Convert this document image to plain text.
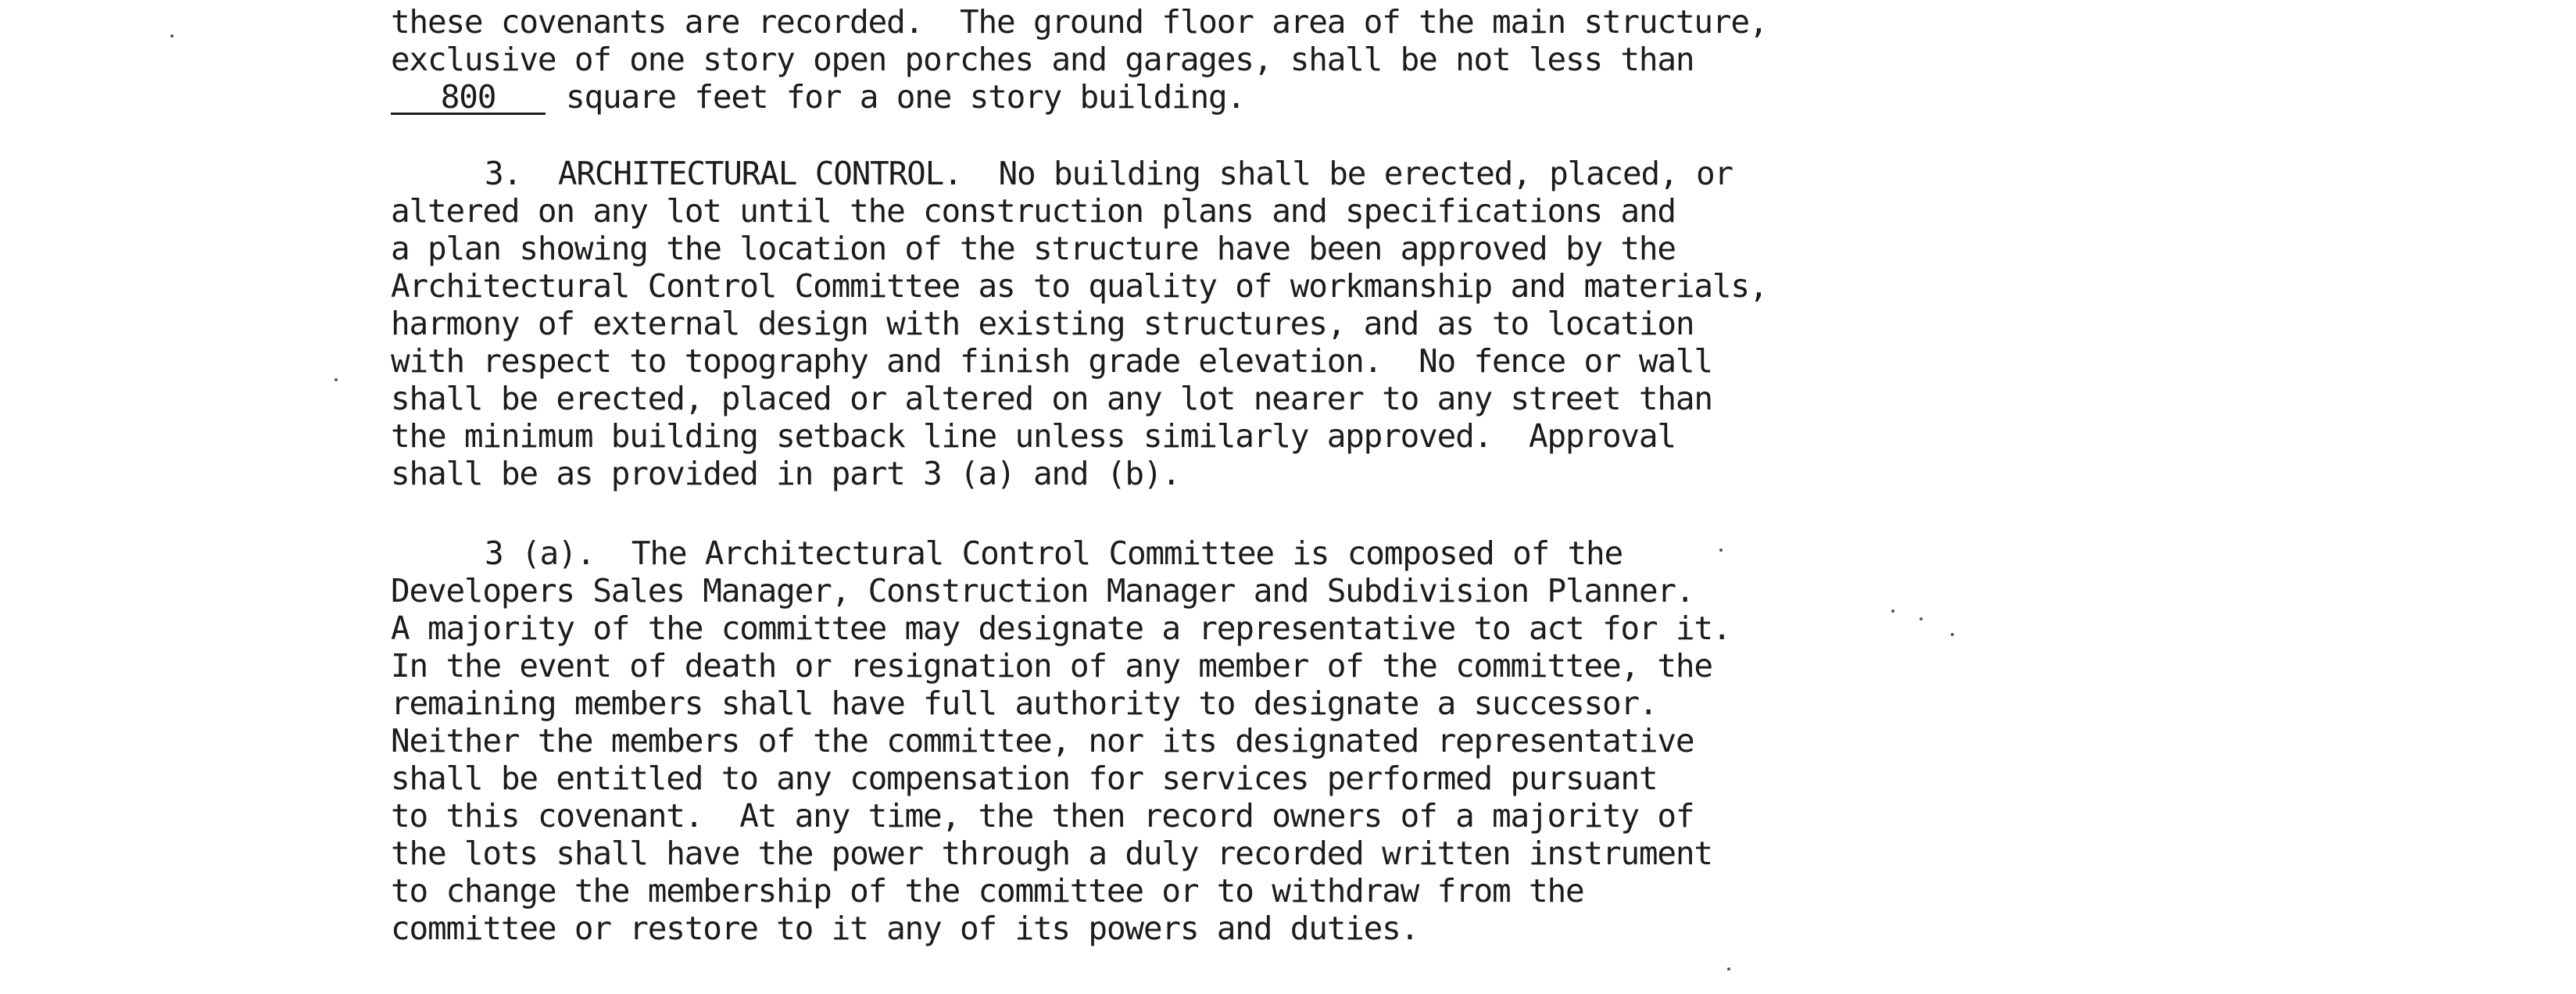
these covenants are recorded.  The ground floor area of the main structure,
exclusive of one story open porches and garages, shall be not less than
800 square feet for a one story building.
3.  ARCHITECTURAL CONTROL.  No building shall be erected, placed, or
altered on any lot until the construction plans and specifications and
a plan showing the location of the structure have been approved by the
Architectural Control Committee as to quality of workmanship and materials,
harmony of external design with existing structures, and as to location
with respect to topography and finish grade elevation.  No fence or wall
shall be erected, placed or altered on any lot nearer to any street than
the minimum building setback line unless similarly approved.  Approval
shall be as provided in part 3 (a) and (b).
3 (a).  The Architectural Control Committee is composed of the
Developers Sales Manager, Construction Manager and Subdivision Planner.
A majority of the committee may designate a representative to act for it.
In the event of death or resignation of any member of the committee, the
remaining members shall have full authority to designate a successor.
Neither the members of the committee, nor its designated representative
shall be entitled to any compensation for services performed pursuant
to this covenant.  At any time, the then record owners of a majority of
the lots shall have the power through a duly recorded written instrument
to change the membership of the committee or to withdraw from the
committee or restore to it any of its powers and duties.
